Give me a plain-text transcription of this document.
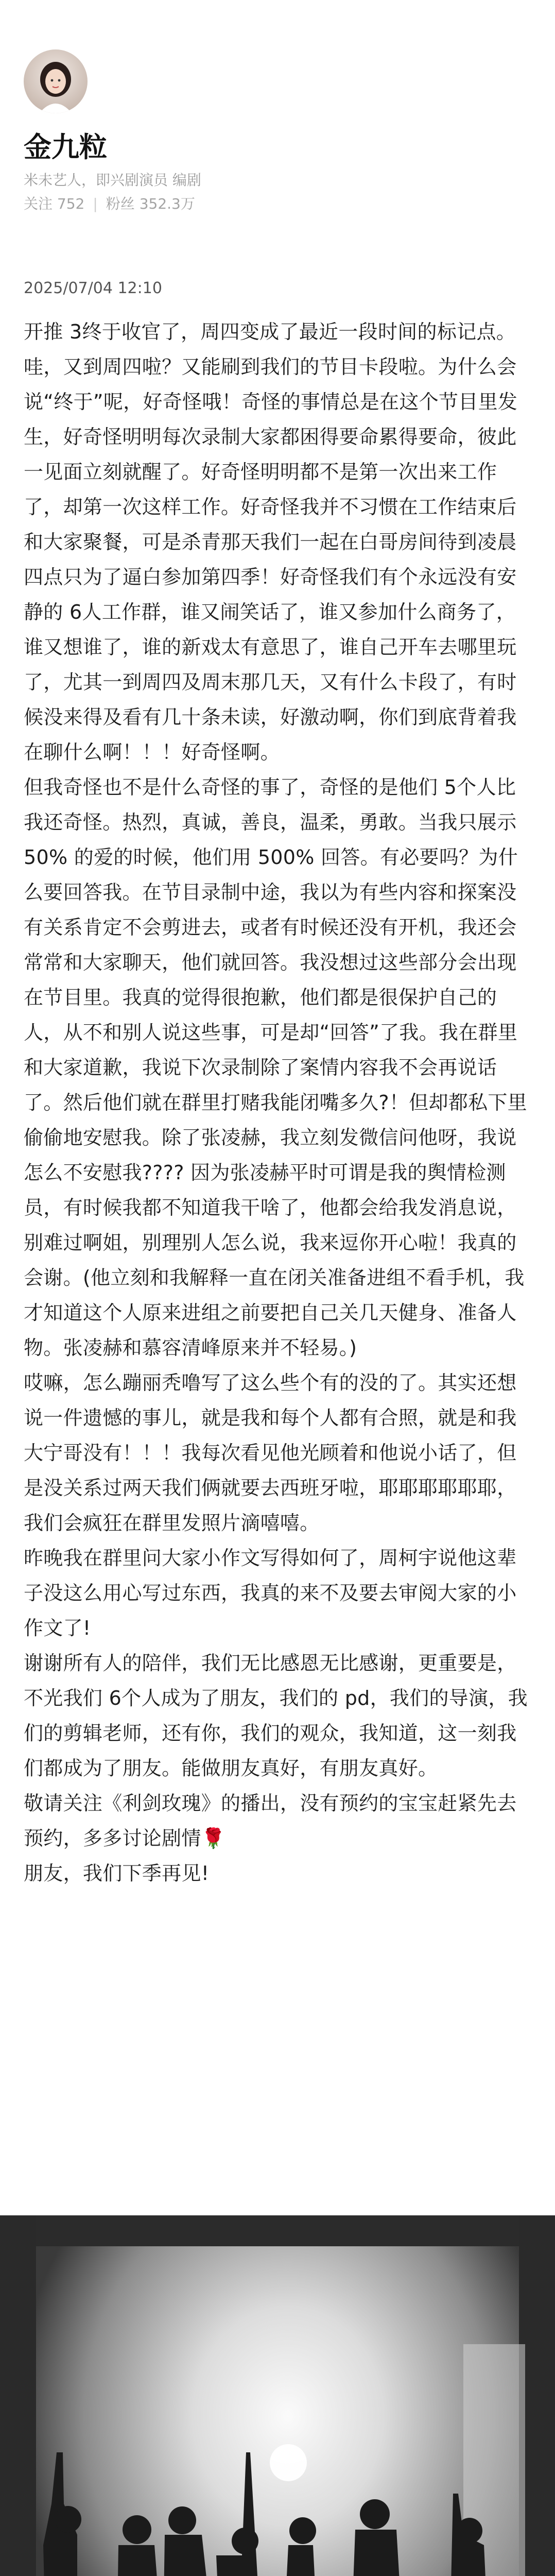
金九粒
米未艺人，即兴剧演员 编剧
关注 752 | 粉丝 352.3万
2025/07/04 12:10

开推 3终于收官了，周四变成了最近一段时间的标记点。哇，又到周四啦？又能刷到我们的节目卡段啦。为什么会说“终于”呢，好奇怪哦！奇怪的事情总是在这个节目里发生，好奇怪明明每次录制大家都困得要命累得要命，彼此一见面立刻就醒了。好奇怪明明都不是第一次出来工作了，却第一次这样工作。好奇怪我并不习惯在工作结束后和大家聚餐，可是杀青那天我们一起在白哥房间待到凌晨四点只为了逼白参加第四季！好奇怪我们有个永远没有安静的 6人工作群，谁又闹笑话了，谁又参加什么商务了，谁又想谁了，谁的新戏太有意思了，谁自己开车去哪里玩了，尤其一到周四及周末那几天，又有什么卡段了，有时候没来得及看有几十条未读，好激动啊，你们到底背着我在聊什么啊！！！好奇怪啊。

但我奇怪也不是什么奇怪的事了，奇怪的是他们 5个人比我还奇怪。热烈，真诚，善良，温柔，勇敢。当我只展示 50% 的爱的时候，他们用 500% 回答。有必要吗？为什么要回答我。在节目录制中途，我以为有些内容和探案没有关系肯定不会剪进去，或者有时候还没有开机，我还会常常和大家聊天，他们就回答。我没想过这些部分会出现在节目里。我真的觉得很抱歉，他们都是很保护自己的人，从不和别人说这些事，可是却“回答”了我。我在群里和大家道歉，我说下次录制除了案情内容我不会再说话了。然后他们就在群里打赌我能闭嘴多久?！但却都私下里偷偷地安慰我。除了张凌赫，我立刻发微信问他呀，我说怎么不安慰我???? 因为张凌赫平时可谓是我的舆情检测员，有时候我都不知道我干啥了，他都会给我发消息说，别难过啊姐，别理别人怎么说，我来逗你开心啦！我真的会谢。(他立刻和我解释一直在闭关准备进组不看手机，我才知道这个人原来进组之前要把自己关几天健身、准备人物。张凌赫和慕容清峰原来并不轻易。)

哎嘛，怎么蹦丽秃噜写了这么些个有的没的了。其实还想说一件遗憾的事儿，就是我和每个人都有合照，就是和我大宁哥没有！！！我每次看见他光顾着和他说小话了，但是没关系过两天我们俩就要去西班牙啦，耶耶耶耶耶耶，我们会疯狂在群里发照片滴嘻嘻。

昨晚我在群里问大家小作文写得如何了，周柯宇说他这辈子没这么用心写过东西，我真的来不及要去审阅大家的小作文了!

谢谢所有人的陪伴，我们无比感恩无比感谢，更重要是，不光我们 6个人成为了朋友，我们的 pd，我们的导演，我们的剪辑老师，还有你，我们的观众，我知道，这一刻我们都成为了朋友。能做朋友真好，有朋友真好。

敬请关注《利剑玫瑰》的播出，没有预约的宝宝赶紧先去预约，多多讨论剧情🌹

朋友，我们下季再见!
